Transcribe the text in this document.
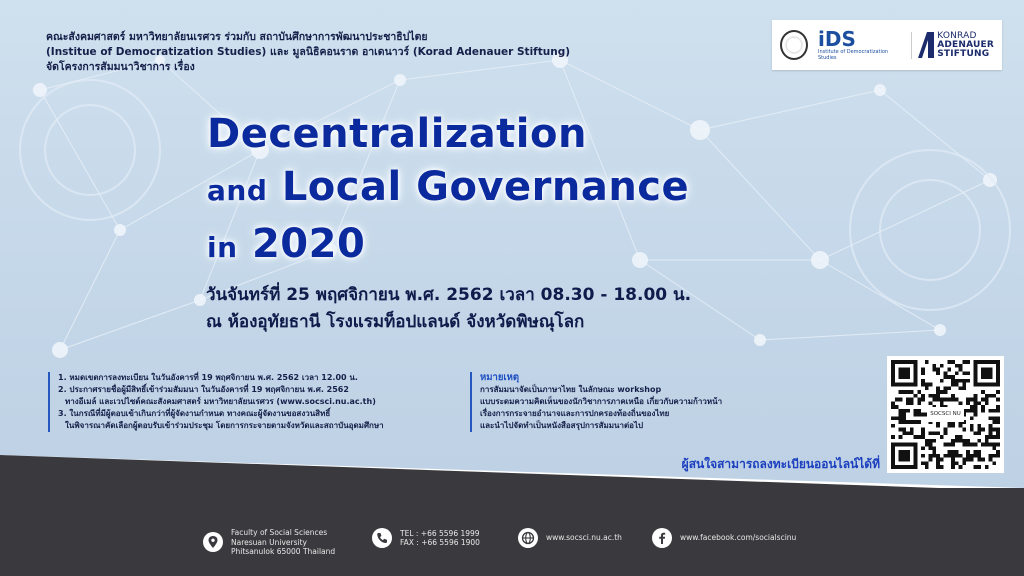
คณะสังคมศาสตร์ มหาวิทยาลัยนเรศวร ร่วมกับ สถาบันศึกษาการพัฒนาประชาธิปไตย
(Institue of Democratization Studies) และ มูลนิธิคอนราด อาเดนาวร์ (Korad Adenauer Stiftung)
จัดโครงการสัมมนาวิชาการ เรื่อง
iDS
Institute of Democratization Studies
KONRAD
ADENAUER
STIFTUNG
Decentralization
and Local Governance
in 2020
วันจันทร์ที่ 25 พฤศจิกายน พ.ศ. 2562 เวลา 08.30 - 18.00 น.
ณ ห้องอุทัยธานี โรงแรมท็อปแลนด์ จังหวัดพิษณุโลก
1. หมดเขตการลงทะเบียน ในวันอังคารที่ 19 พฤศจิกายน พ.ศ. 2562 เวลา 12.00 น.
2. ประกาศรายชื่อผู้มีสิทธิ์เข้าร่วมสัมมนา ในวันอังคารที่ 19 พฤศจิกายน พ.ศ. 2562
ทางอีเมล์ และเวปไซต์คณะสังคมศาสตร์ มหาวิทยาลัยนเรศวร (www.socsci.nu.ac.th)
3. ในกรณีที่มีผู้ตอบเข้าเกินกว่าที่ผู้จัดงานกำหนด ทางคณะผู้จัดงานขอสงวนสิทธิ์
ในพิจารณาคัดเลือกผู้ตอบรับเข้าร่วมประชุม โดยการกระจายตามจังหวัดและสถาบันอุดมศึกษา
หมายเหตุ
การสัมมนาจัดเป็นภาษาไทย ในลักษณะ workshop
แบบระดมความคิดเห็นของนักวิชาการภาคเหนือ เกี่ยวกับความก้าวหน้า
เรื่องการกระจายอำนาจและการปกครองท้องถิ่นของไทย
และนำไปจัดทำเป็นหนังสือสรุปการสัมมนาต่อไป
SOCSCI NU
ผู้สนใจสามารถลงทะเบียนออนไลน์ได้ที่
Faculty of Social Sciences
Naresuan University
Phitsanulok 65000 Thailand
TEL : +66 5596 1999
FAX : +66 5596 1900
www.socsci.nu.ac.th	www.facebook.com/socialscinu
